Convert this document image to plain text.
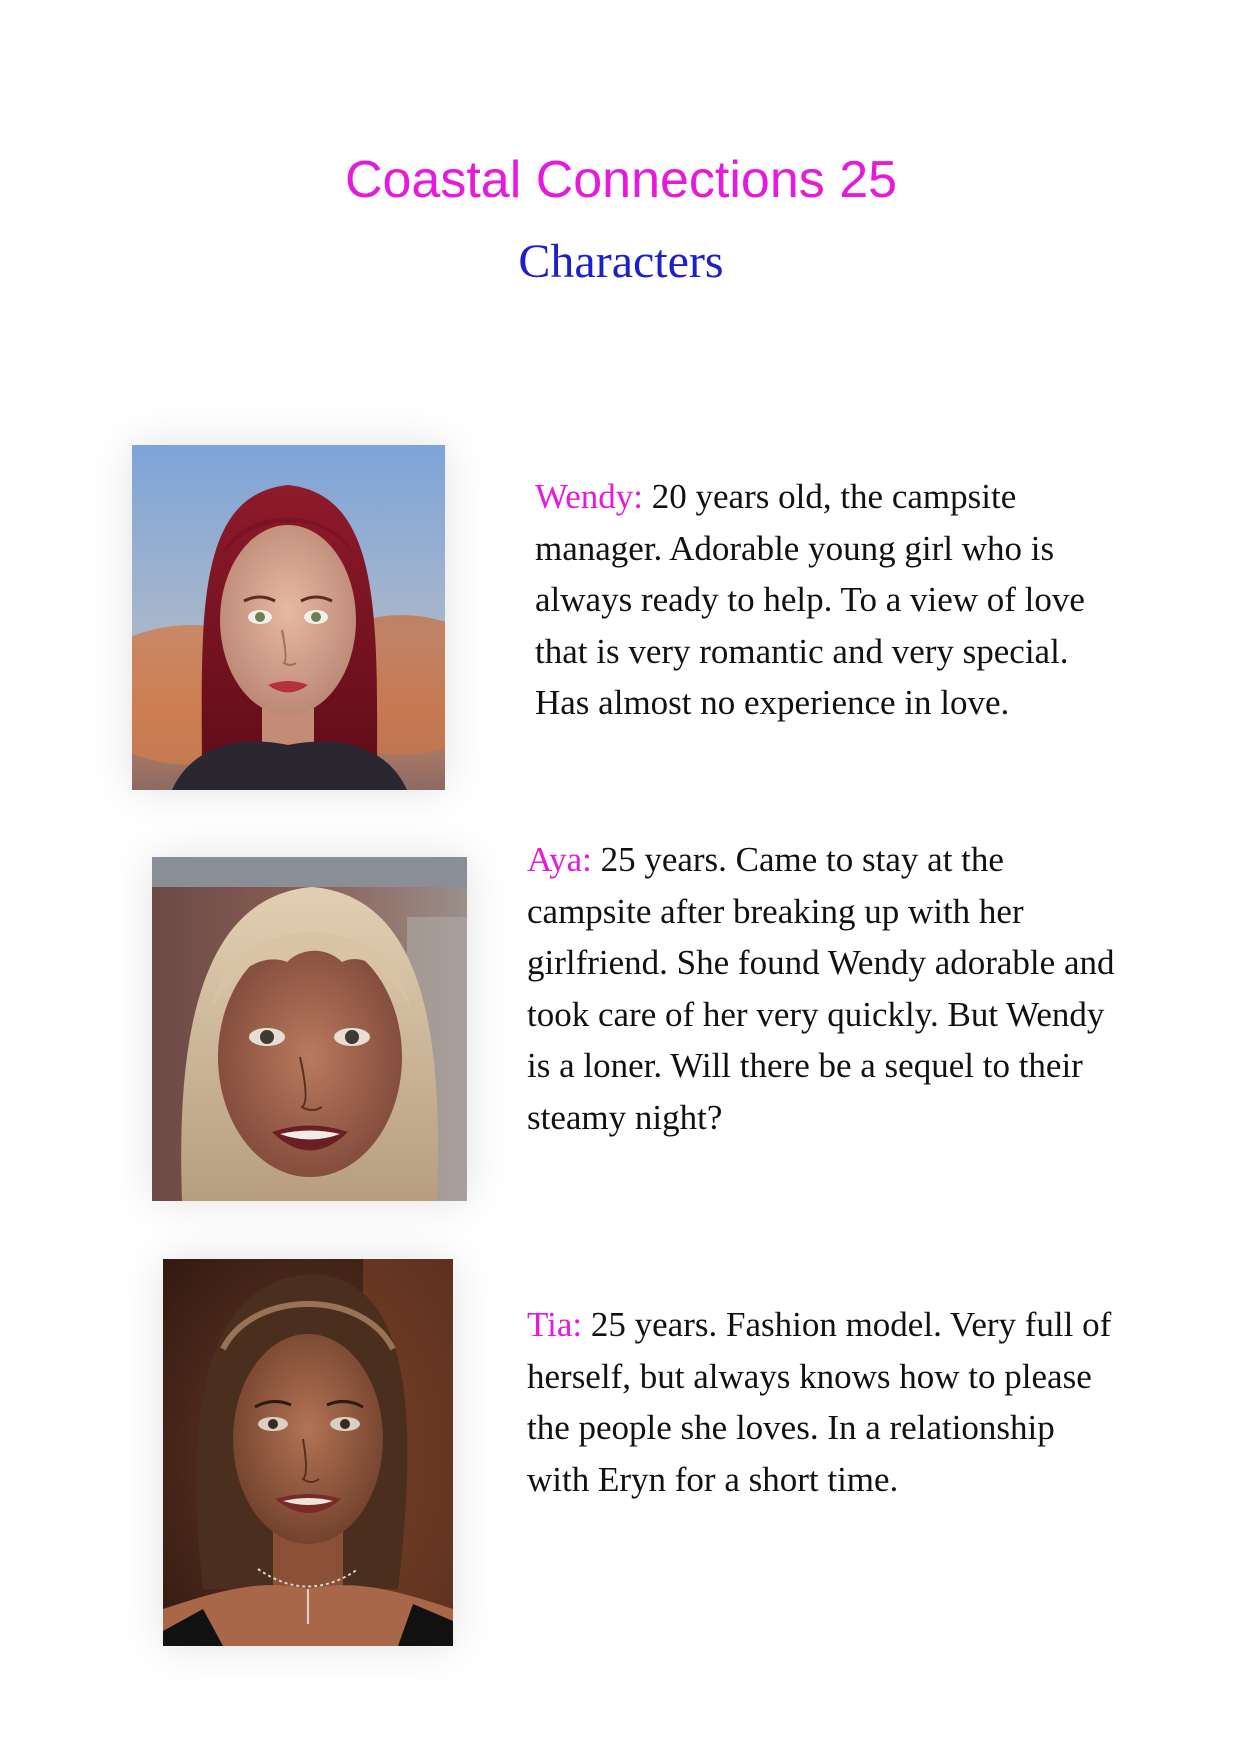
Coastal Connections 25
Characters

Wendy: 20 years old, the campsite manager. Adorable young girl who is always ready to help. To a view of love that is very romantic and very special. Has almost no experience in love.

Aya: 25 years. Came to stay at the campsite after breaking up with her girlfriend. She found Wendy adorable and took care of her very quickly. But Wendy is a loner. Will there be a sequel to their steamy night?

Tia: 25 years. Fashion model. Very full of herself, but always knows how to please the people she loves. In a relationship with Eryn for a short time.
